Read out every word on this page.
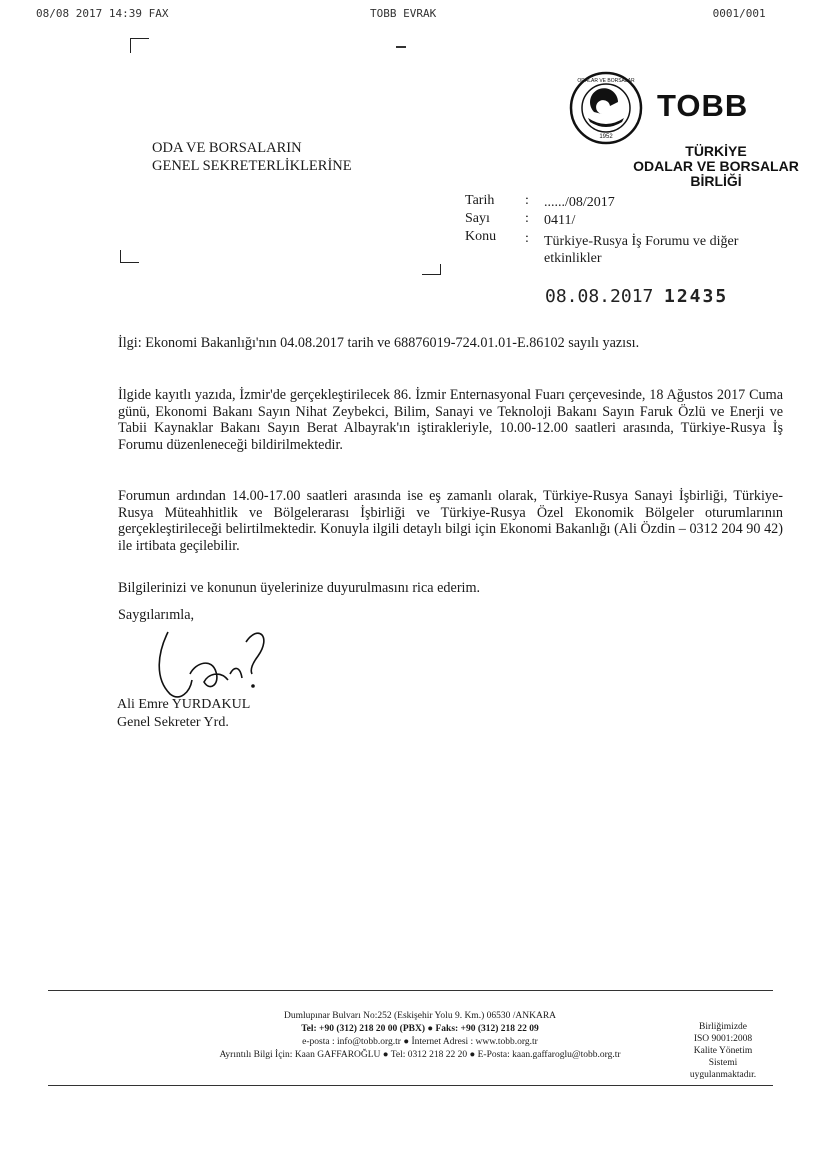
08/08 2017 14:39 FAX	TOBB EVRAK	 0001/001
ODA VE BORSALARIN
GENEL SEKRETERLİKLERİNE
1952
ODALAR VE BORSALAR
TOBB
TÜRKİYE
ODALAR VE BORSALAR
BİRLİĞİ
Tarih : ....../08/2017
Sayı	: 0411/
Konu : Türkiye-Rusya İş Forumu ve diğer
etkinlikler
08.08.2017 12435
İlgi: Ekonomi Bakanlığı'nın 04.08.2017 tarih ve 68876019-724.01.01-E.86102 sayılı yazısı.
İlgide kayıtlı yazıda, İzmir'de gerçekleştirilecek 86. İzmir Enternasyonal Fuarı çerçevesinde, 18 Ağustos 2017 Cuma günü, Ekonomi Bakanı Sayın Nihat Zeybekci, Bilim, Sanayi ve Teknoloji Bakanı Sayın Faruk Özlü ve Enerji ve Tabii Kaynaklar Bakanı Sayın Berat Albayrak'ın iştirakleriyle, 10.00-12.00 saatleri arasında, Türkiye-Rusya İş Forumu düzenleneceği bildirilmektedir.
Forumun ardından 14.00-17.00 saatleri arasında ise eş zamanlı olarak, Türkiye-Rusya Sanayi İşbirliği, Türkiye-Rusya Müteahhitlik ve Bölgelerarası İşbirliği ve Türkiye-Rusya Özel Ekonomik Bölgeler oturumlarının gerçekleştirileceği belirtilmektedir. Konuyla ilgili detaylı bilgi için Ekonomi Bakanlığı (Ali Özdin – 0312 204 90 42) ile irtibata geçilebilir.
Bilgilerinizi ve konunun üyelerinize duyurulmasını rica ederim.
Saygılarımla,
Ali Emre YURDAKUL
Genel Sekreter Yrd.
Dumlupınar Bulvarı No:252 (Eskişehir Yolu 9. Km.) 06530 /ANKARA
Tel: +90 (312) 218 20 00 (PBX) ● Faks: +90 (312) 218 22 09
e-posta : info@tobb.org.tr ● İnternet Adresi : www.tobb.org.tr
Ayrıntılı Bilgi İçin: Kaan GAFFAROĞLU ● Tel: 0312 218 22 20 ● E-Posta: kaan.gaffaroglu@tobb.org.tr
Birliğimizde
ISO 9001:2008
Kalite Yönetim
Sistemi
uygulanmaktadır.
